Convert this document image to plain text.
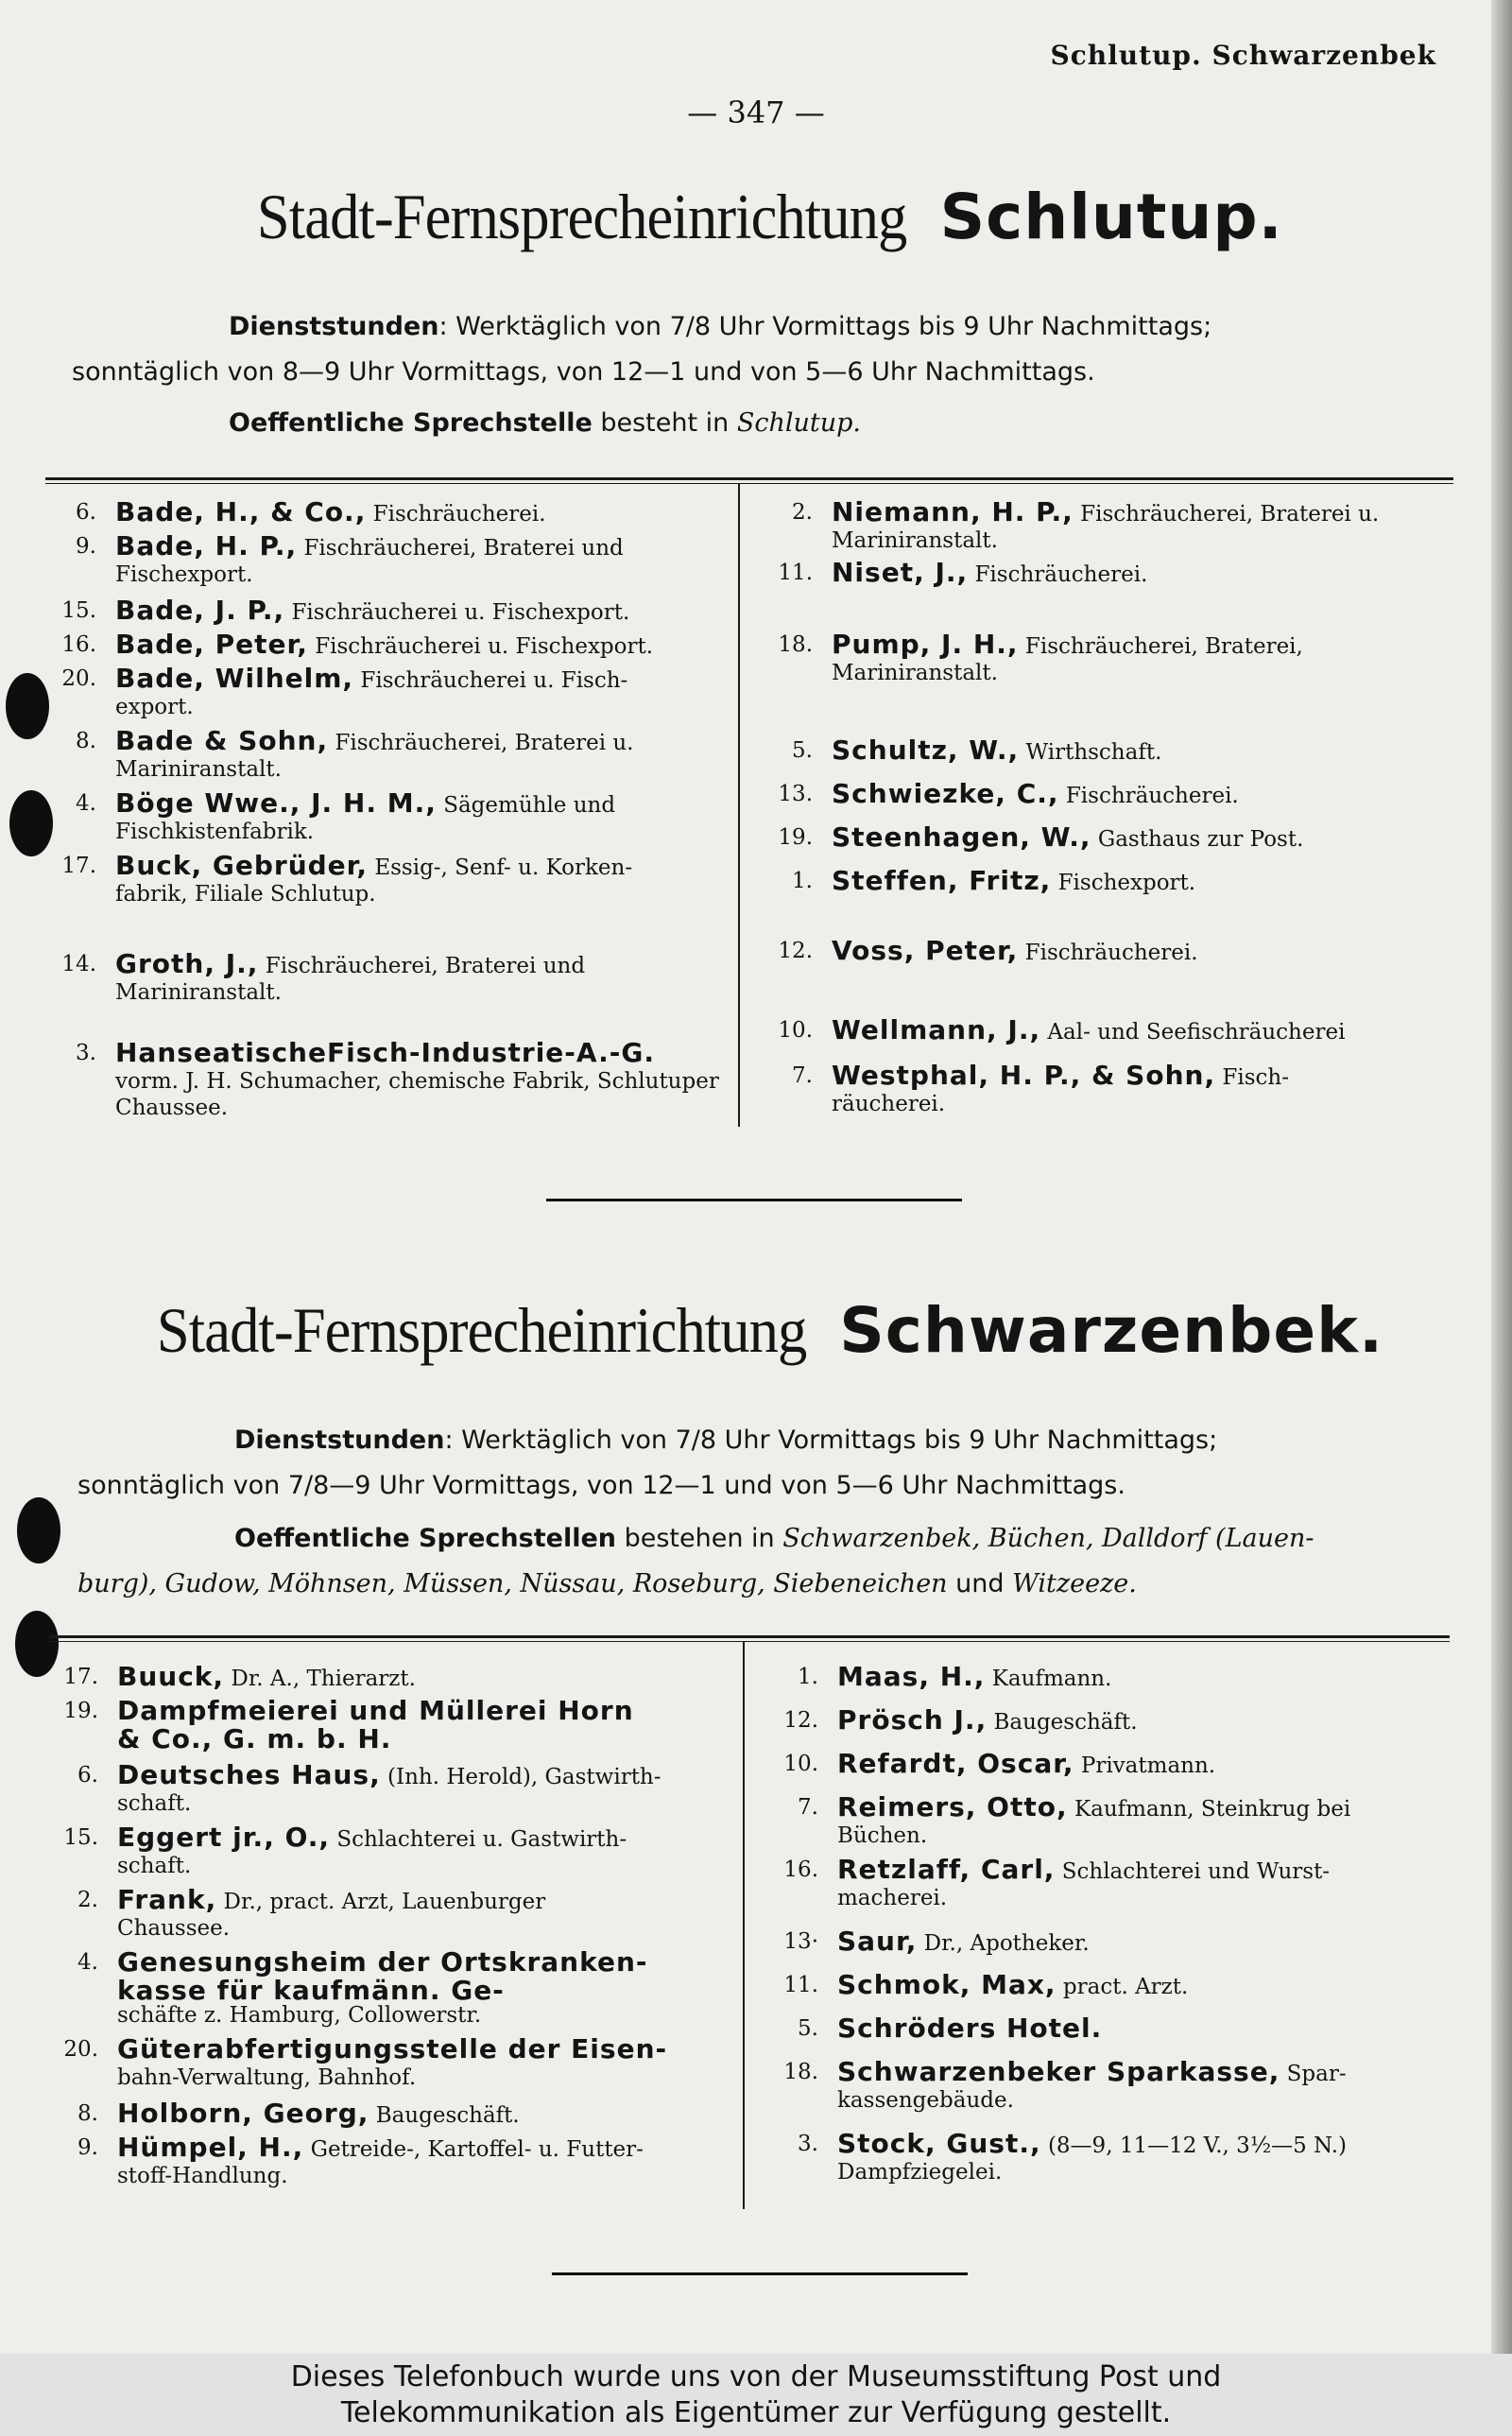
Schlutup. Schwarzenbek
— 347 —
Stadt-Fernsprecheinrichtung Schlutup.
Dienststunden: Werktäglich von 7/8 Uhr Vormittags bis 9 Uhr Nachmittags;
sonntäglich von 8—9 Uhr Vormittags, von 12—1 und von 5—6 Uhr Nachmittags.
Oeffentliche Sprechstelle besteht in Schlutup.
6. Bade, H., & Co., Fischräucherei.
9. Bade, H. P., Fischräucherei, Braterei und
Fischexport.
15. Bade, J. P., Fischräucherei u. Fischexport.
16. Bade, Peter, Fischräucherei u. Fischexport.
20. Bade, Wilhelm, Fischräucherei u. Fisch-
export.
8. Bade & Sohn, Fischräucherei, Braterei u.
Mariniranstalt.
4. Böge Wwe., J. H. M., Sägemühle und
Fischkistenfabrik.
17. Buck, Gebrüder, Essig-, Senf- u. Korken-
fabrik, Filiale Schlutup.
14. Groth, J., Fischräucherei, Braterei und
Mariniranstalt.
3. HanseatischeFisch-Industrie-A.-G.
vorm. J. H. Schumacher, chemische Fabrik, Schlutuper Chaussee.
2. Niemann, H. P., Fischräucherei, Braterei u.
Mariniranstalt.
11. Niset, J., Fischräucherei.
18. Pump, J. H., Fischräucherei, Braterei,
Mariniranstalt.
5. Schultz, W., Wirthschaft.
13. Schwiezke, C., Fischräucherei.
19. Steenhagen, W., Gasthaus zur Post.
1. Steffen, Fritz, Fischexport.
12. Voss, Peter, Fischräucherei.
10. Wellmann, J., Aal- und Seefischräucherei
7. Westphal, H. P., & Sohn, Fisch-
räucherei.
Stadt-Fernsprecheinrichtung Schwarzenbek.
Dienststunden: Werktäglich von 7/8 Uhr Vormittags bis 9 Uhr Nachmittags;
sonntäglich von 7/8—9 Uhr Vormittags, von 12—1 und von 5—6 Uhr Nachmittags.
Oeffentliche Sprechstellen bestehen in Schwarzenbek, Büchen, Dalldorf (Lauen-
burg), Gudow, Möhnsen, Müssen, Nüssau, Roseburg, Siebeneichen und Witzeeze.
17. Buuck, Dr. A., Thierarzt.
19. Dampfmeierei und Müllerei Horn
& Co., G. m. b. H.
6. Deutsches Haus, (Inh. Herold), Gastwirth-
schaft.
15. Eggert jr., O., Schlachterei u. Gastwirth-
schaft.
2. Frank, Dr., pract. Arzt, Lauenburger
Chaussee.
4. Genesungsheim der Ortskranken-
kasse für kaufmänn. Ge-
schäfte z. Hamburg, Collowerstr.
20. Güterabfertigungsstelle der Eisen-
bahn-Verwaltung, Bahnhof.
8. Holborn, Georg, Baugeschäft.
9. Hümpel, H., Getreide-, Kartoffel- u. Futter-
stoff-Handlung.
1. Maas, H., Kaufmann.
12. Prösch J., Baugeschäft.
10. Refardt, Oscar, Privatmann.
7. Reimers, Otto, Kaufmann, Steinkrug bei
Büchen.
16. Retzlaff, Carl, Schlachterei und Wurst-
macherei.
13· Saur, Dr., Apotheker.
11. Schmok, Max, pract. Arzt.
5. Schröders Hotel.
18. Schwarzenbeker Sparkasse, Spar-
kassengebäude.
3. Stock, Gust., (8—9, 11—12 V., 3½—5 N.)
Dampfziegelei.
Dieses Telefonbuch wurde uns von der Museumsstiftung Post und
Telekommunikation als Eigentümer zur Verfügung gestellt.
